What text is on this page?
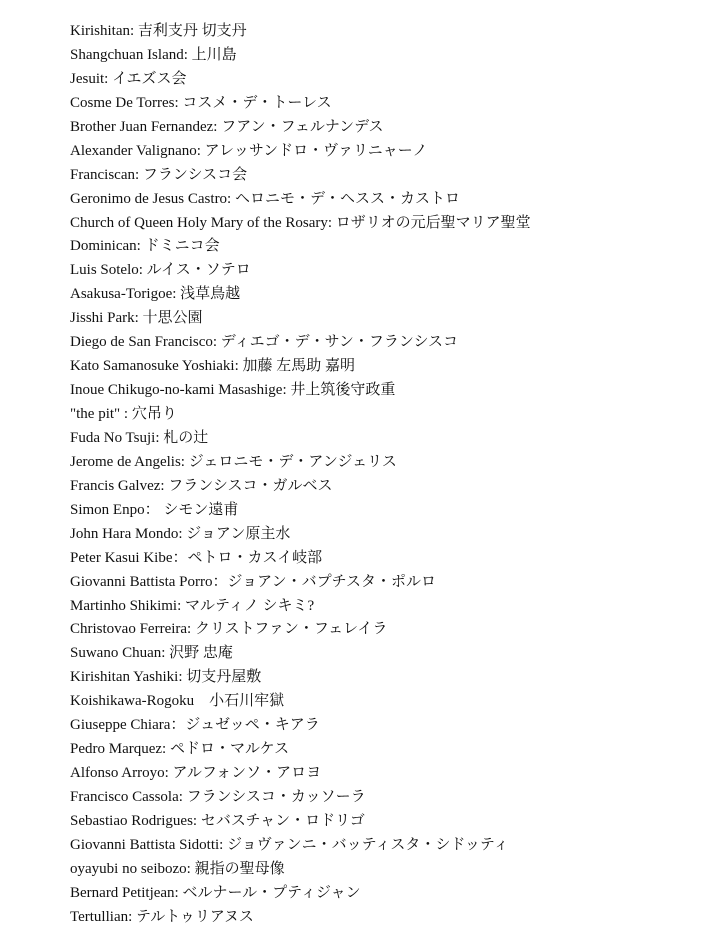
Kirishitan: 吉利支丹 切支丹
Shangchuan Island: 上川島
Jesuit: イエズス会
Cosme De Torres: コスメ・デ・トーレス
Brother Juan Fernandez: フアン・フェルナンデス
Alexander Valignano: アレッサンドロ・ヴァリニャーノ
Franciscan: フランシスコ会
Geronimo de Jesus Castro: ヘロニモ・デ・ヘスス・カストロ
Church of Queen Holy Mary of the Rosary: ロザリオの元后聖マリア聖堂
Dominican: ドミニコ会
Luis Sotelo: ルイス・ソテロ
Asakusa-Torigoe: 浅草鳥越
Jisshi Park: 十思公園
Diego de San Francisco: ディエゴ・デ・サン・フランシスコ
Kato Samanosuke Yoshiaki: 加藤 左馬助 嘉明
Inoue Chikugo-no-kami Masashige: 井上筑後守政重
"the pit" : 穴吊り
Fuda No Tsuji: 札の辻
Jerome de Angelis: ジェロニモ・デ・アンジェリス
Francis Galvez: フランシスコ・ガルベス
Simon Enpo： シモン遠甫
John Hara Mondo: ジョアン原主水
Peter Kasui Kibe：ペトロ・カスイ岐部
Giovanni Battista Porro：ジョアン・バプチスタ・ポルロ
Martinho Shikimi: マルティノ シキミ?
Christovao Ferreira: クリストファン・フェレイラ
Suwano Chuan: 沢野 忠庵
Kirishitan Yashiki: 切支丹屋敷
Koishikawa-Rogoku    小石川牢獄
Giuseppe Chiara：ジュゼッペ・キアラ
Pedro Marquez: ペドロ・マルケス
Alfonso Arroyo: アルフォンソ・アロヨ
Francisco Cassola: フランシスコ・カッソーラ
Sebastiao Rodrigues: セバスチャン・ロドリゴ
Giovanni Battista Sidotti: ジョヴァンニ・バッティスタ・シドッティ
oyayubi no seibozo: 親指の聖母像
Bernard Petitjean: ベルナール・プティジャン
Tertullian: テルトゥリアヌス
